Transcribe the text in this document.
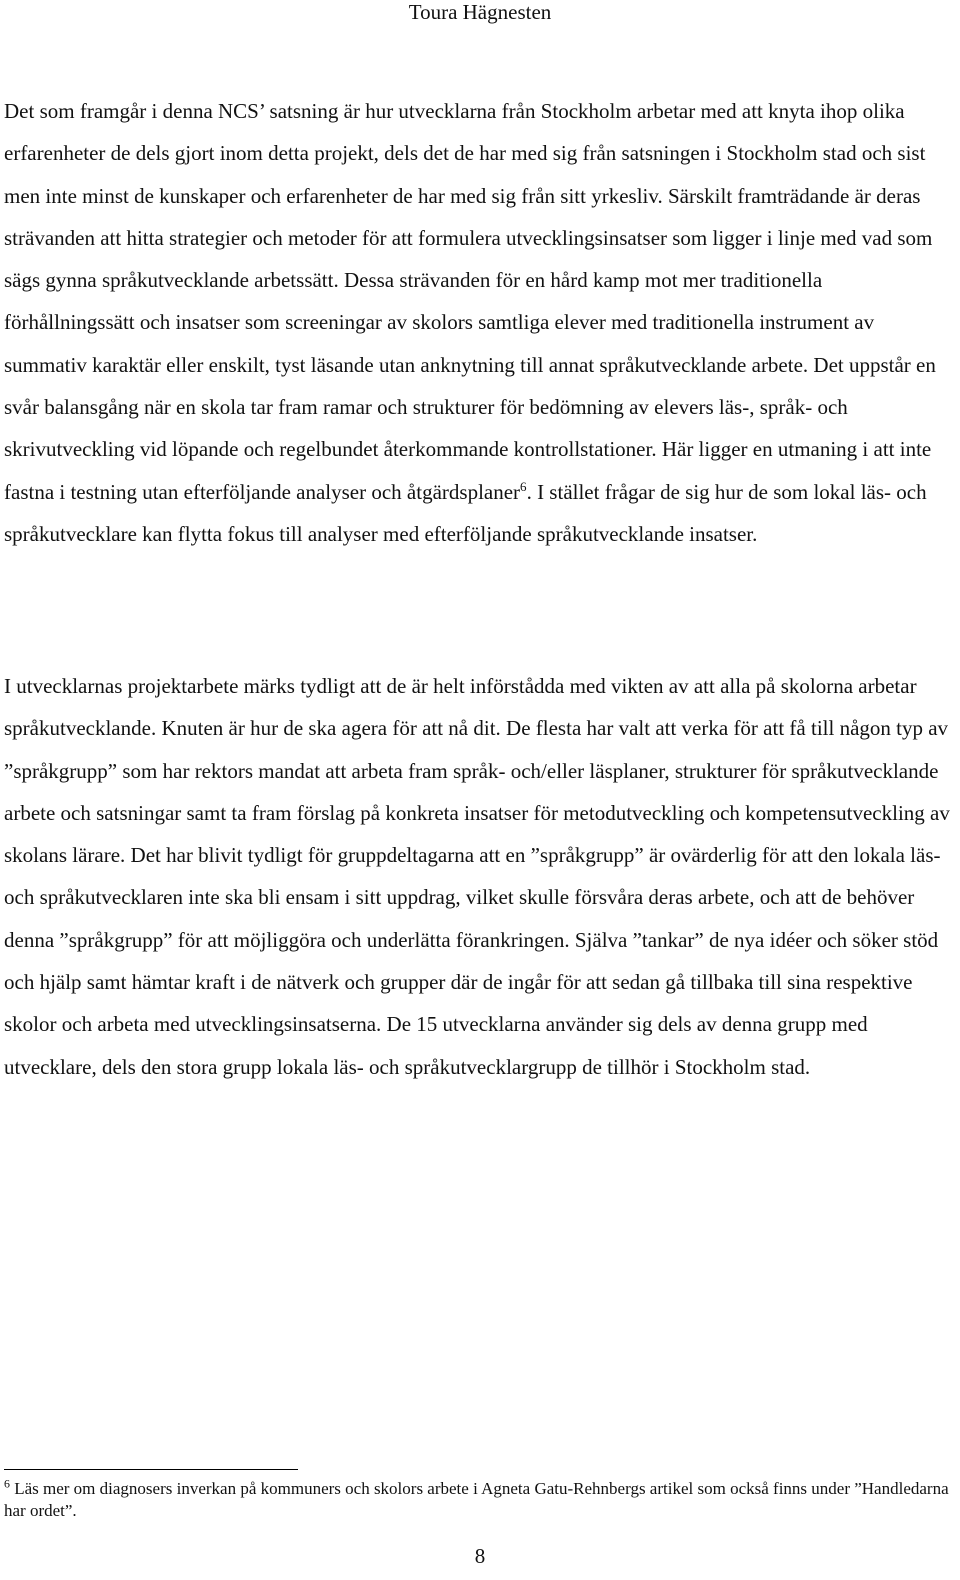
Toura Hägnesten

Det som framgår i denna NCS’ satsning är hur utvecklarna från Stockholm arbetar med att knyta ihop olika erfarenheter de dels gjort inom detta projekt, dels det de har med sig från satsningen i Stockholm stad och sist men inte minst de kunskaper och erfarenheter de har med sig från sitt yrkesliv. Särskilt framträdande är deras strävanden att hitta strategier och metoder för att formulera utvecklingsinsatser som ligger i linje med vad som sägs gynna språkutvecklande arbetssätt. Dessa strävanden för en hård kamp mot mer traditionella förhållningssätt och insatser som screeningar av skolors samtliga elever med traditionella instrument av summativ karaktär eller enskilt, tyst läsande utan anknytning till annat språkutvecklande arbete. Det uppstår en svår balansgång när en skola tar fram ramar och strukturer för bedömning av elevers läs-, språk- och skrivutveckling vid löpande och regelbundet återkommande kontrollstationer. Här ligger en utmaning i att inte fastna i testning utan efterföljande analyser och åtgärdsplaner$^6$. I stället frågar de sig hur de som lokal läs- och språkutvecklare kan flytta fokus till analyser med efterföljande språkutvecklande insatser.

I utvecklarnas projektarbete märks tydligt att de är helt införstådda med vikten av att alla på skolorna arbetar språkutvecklande. Knuten är hur de ska agera för att nå dit. De flesta har valt att verka för att få till någon typ av ”språkgrupp” som har rektors mandat att arbeta fram språk- och/eller läsplaner, strukturer för språkutvecklande arbete och satsningar samt ta fram förslag på konkreta insatser för metodutveckling och kompetensutveckling av skolans lärare. Det har blivit tydligt för gruppdeltagarna att en ”språkgrupp” är ovärderlig för att den lokala läs- och språkutvecklaren inte ska bli ensam i sitt uppdrag, vilket skulle försvåra deras arbete, och att de behöver denna ”språkgrupp” för att möjliggöra och underlätta förankringen. Själva ”tankar” de nya idéer och söker stöd och hjälp samt hämtar kraft i de nätverk och grupper där de ingår för att sedan gå tillbaka till sina respektive skolor och arbeta med utvecklingsinsatserna. De 15 utvecklarna använder sig dels av denna grupp med utvecklare, dels den stora grupp lokala läs- och språkutvecklargrupp de tillhör i Stockholm stad.

$^6$ Läs mer om diagnosers inverkan på kommuners och skolors arbete i Agneta Gatu-Rehnbergs artikel som också finns under ”Handledarna har ordet”.

8
